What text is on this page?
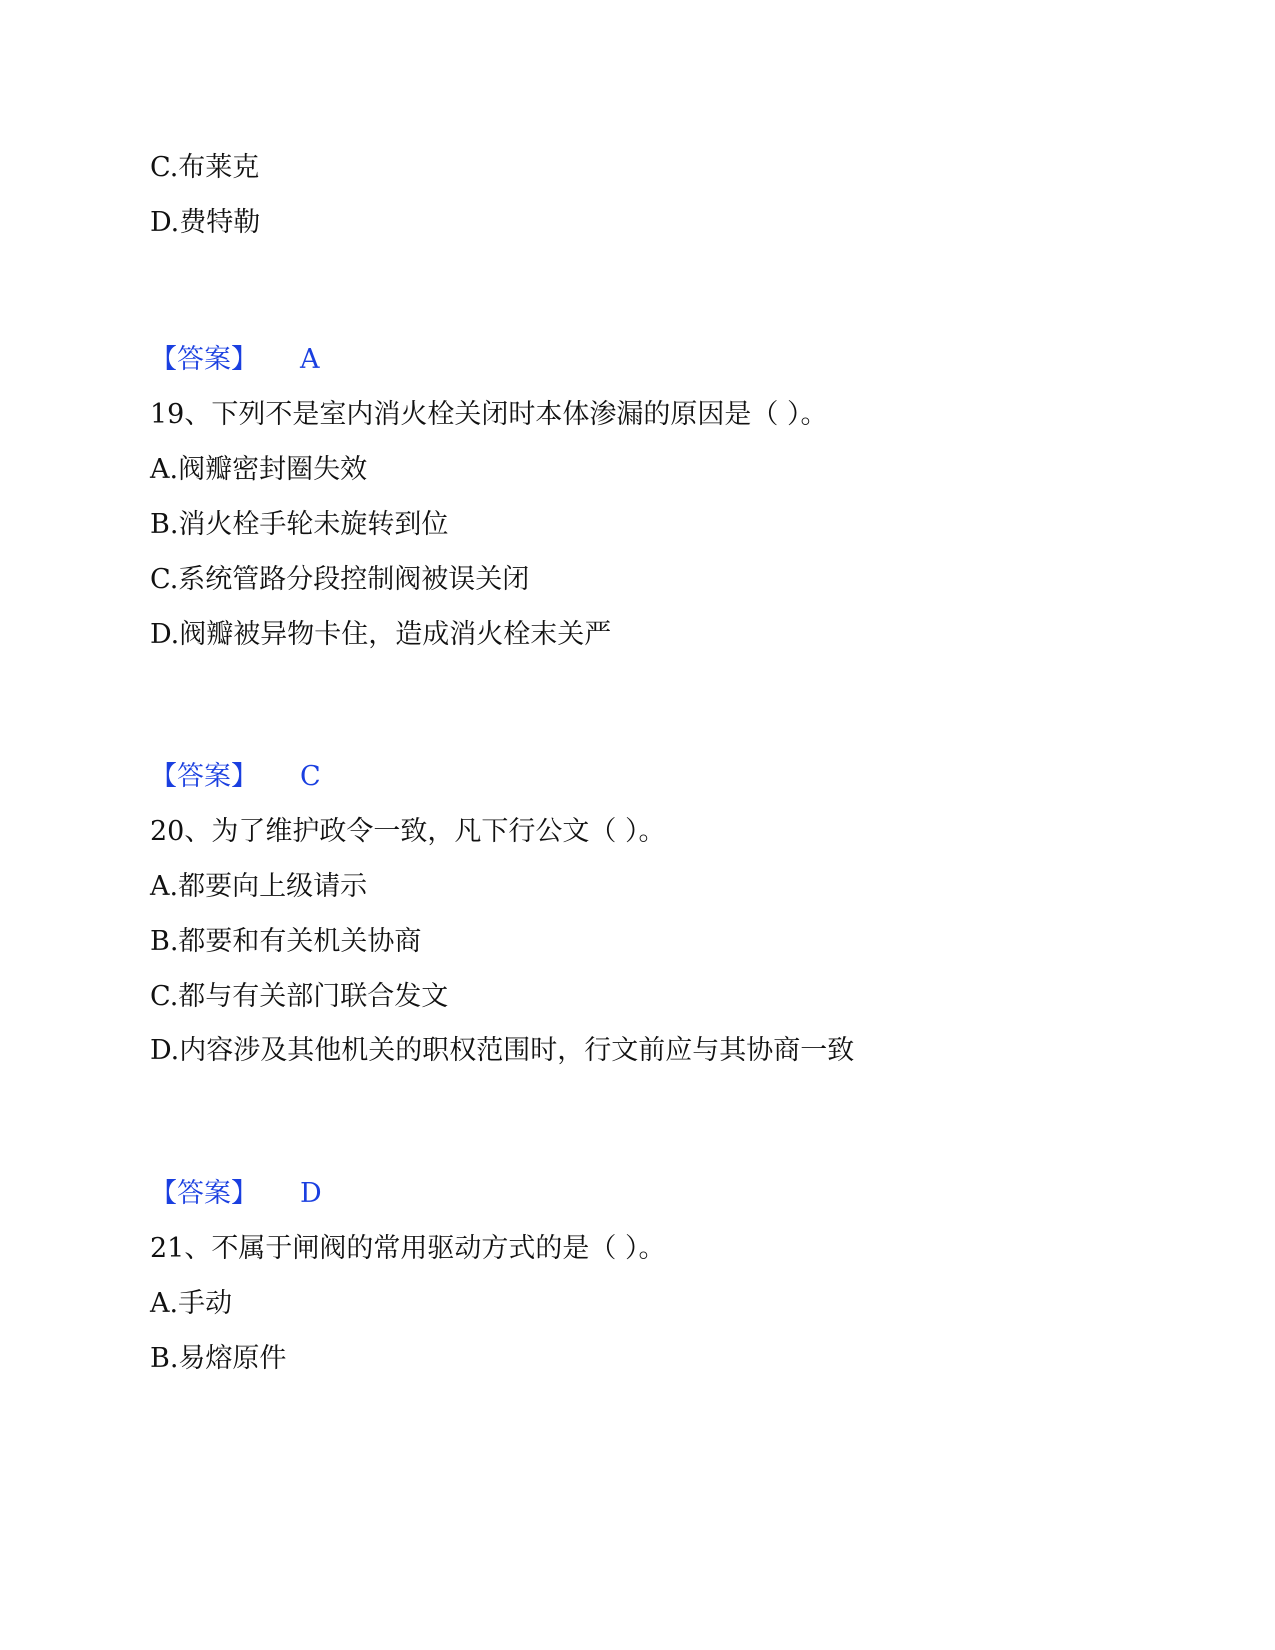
C.布莱克
D.费特勒
【答案】 A
19、下列不是室内消火栓关闭时本体渗漏的原因是（ ）。
A.阀瓣密封圈失效
B.消火栓手轮未旋转到位
C.系统管路分段控制阀被误关闭
D.阀瓣被异物卡住，造成消火栓末关严
【答案】 C
20、为了维护政令一致，凡下行公文（ ）。
A.都要向上级请示
B.都要和有关机关协商
C.都与有关部门联合发文
D.内容涉及其他机关的职权范围时，行文前应与其协商一致
【答案】 D
21、不属于闸阀的常用驱动方式的是（ ）。
A.手动
B.易熔原件
